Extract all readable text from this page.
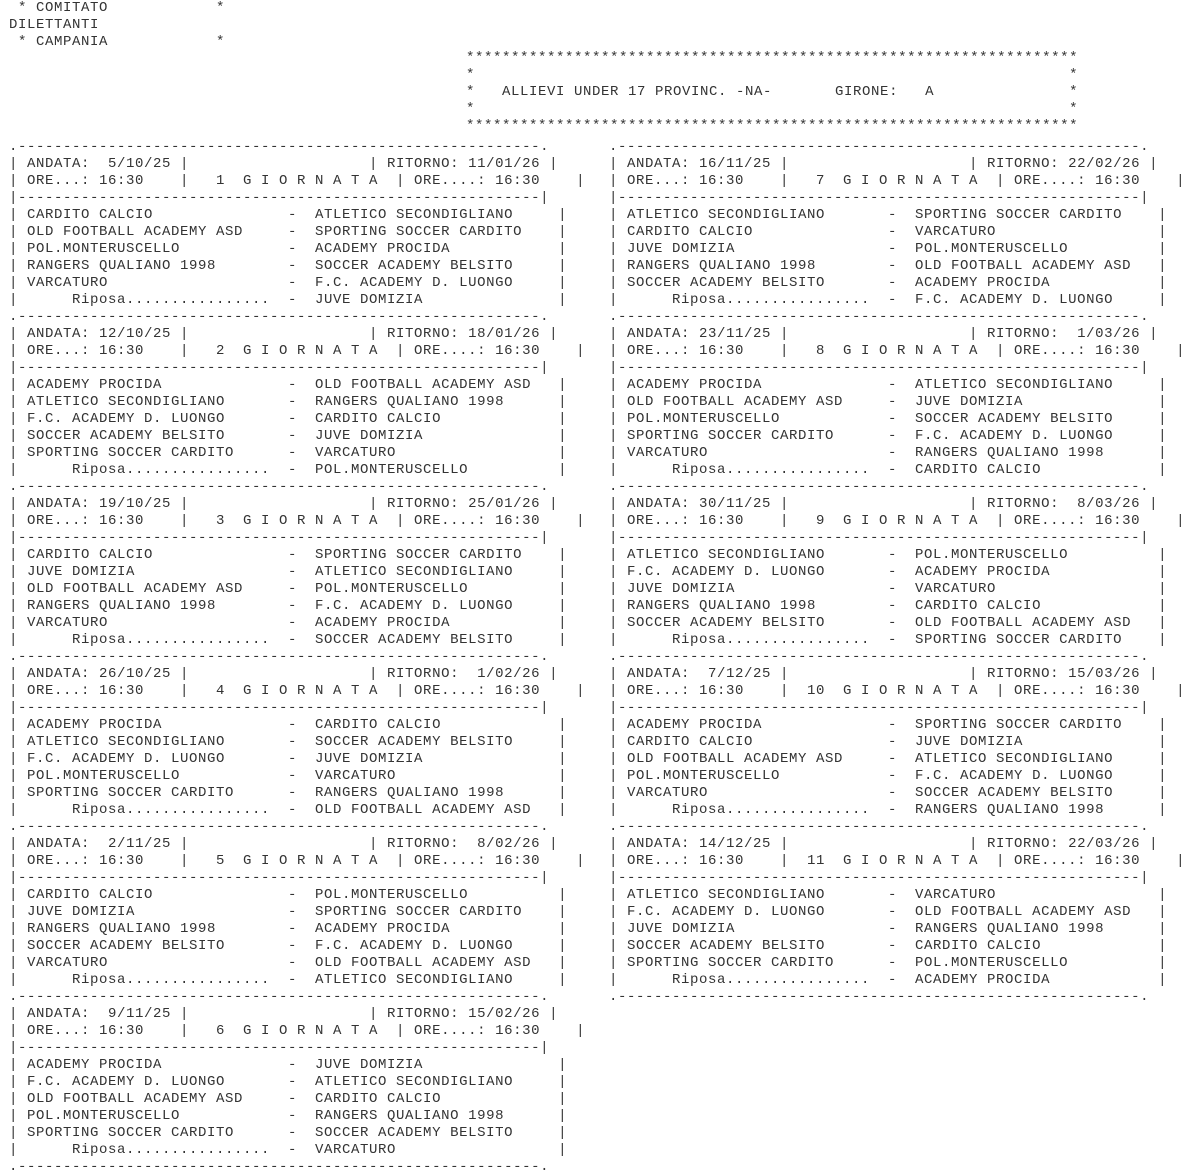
* COMITATO            *
DILETTANTI
* CAMPANIA            *
********************************************************************
*                                                                  *
*   ALLIEVI UNDER 17 PROVINC. -NA-       GIRONE:   A               *
*                                                                  *
********************************************************************
.----------------------------------------------------------.
| ANDATA:  5/10/25 |                    | RITORNO: 11/01/26 |
| ORE...: 16:30    |   1  G I O R N A T A  | ORE....: 16:30    |
|----------------------------------------------------------|
| CARDITO CALCIO               -  ATLETICO SECONDIGLIANO     |
| OLD FOOTBALL ACADEMY ASD     -  SPORTING SOCCER CARDITO    |
| POL.MONTERUSCELLO            -  ACADEMY PROCIDA            |
| RANGERS QUALIANO 1998        -  SOCCER ACADEMY BELSITO     |
| VARCATURO                    -  F.C. ACADEMY D. LUONGO     |
|      Riposa................  -  JUVE DOMIZIA               |
.----------------------------------------------------------.
| ANDATA: 12/10/25 |                    | RITORNO: 18/01/26 |
| ORE...: 16:30    |   2  G I O R N A T A  | ORE....: 16:30    |
|----------------------------------------------------------|
| ACADEMY PROCIDA              -  OLD FOOTBALL ACADEMY ASD   |
| ATLETICO SECONDIGLIANO       -  RANGERS QUALIANO 1998      |
| F.C. ACADEMY D. LUONGO       -  CARDITO CALCIO             |
| SOCCER ACADEMY BELSITO       -  JUVE DOMIZIA               |
| SPORTING SOCCER CARDITO      -  VARCATURO                  |
|      Riposa................  -  POL.MONTERUSCELLO          |
.----------------------------------------------------------.
| ANDATA: 19/10/25 |                    | RITORNO: 25/01/26 |
| ORE...: 16:30    |   3  G I O R N A T A  | ORE....: 16:30    |
|----------------------------------------------------------|
| CARDITO CALCIO               -  SPORTING SOCCER CARDITO    |
| JUVE DOMIZIA                 -  ATLETICO SECONDIGLIANO     |
| OLD FOOTBALL ACADEMY ASD     -  POL.MONTERUSCELLO          |
| RANGERS QUALIANO 1998        -  F.C. ACADEMY D. LUONGO     |
| VARCATURO                    -  ACADEMY PROCIDA            |
|      Riposa................  -  SOCCER ACADEMY BELSITO     |
.----------------------------------------------------------.
| ANDATA: 26/10/25 |                    | RITORNO:  1/02/26 |
| ORE...: 16:30    |   4  G I O R N A T A  | ORE....: 16:30    |
|----------------------------------------------------------|
| ACADEMY PROCIDA              -  CARDITO CALCIO             |
| ATLETICO SECONDIGLIANO       -  SOCCER ACADEMY BELSITO     |
| F.C. ACADEMY D. LUONGO       -  JUVE DOMIZIA               |
| POL.MONTERUSCELLO            -  VARCATURO                  |
| SPORTING SOCCER CARDITO      -  RANGERS QUALIANO 1998      |
|      Riposa................  -  OLD FOOTBALL ACADEMY ASD   |
.----------------------------------------------------------.
| ANDATA:  2/11/25 |                    | RITORNO:  8/02/26 |
| ORE...: 16:30    |   5  G I O R N A T A  | ORE....: 16:30    |
|----------------------------------------------------------|
| CARDITO CALCIO               -  POL.MONTERUSCELLO          |
| JUVE DOMIZIA                 -  SPORTING SOCCER CARDITO    |
| RANGERS QUALIANO 1998        -  ACADEMY PROCIDA            |
| SOCCER ACADEMY BELSITO       -  F.C. ACADEMY D. LUONGO     |
| VARCATURO                    -  OLD FOOTBALL ACADEMY ASD   |
|      Riposa................  -  ATLETICO SECONDIGLIANO     |
.----------------------------------------------------------.
| ANDATA:  9/11/25 |                    | RITORNO: 15/02/26 |
| ORE...: 16:30    |   6  G I O R N A T A  | ORE....: 16:30    |
|----------------------------------------------------------|
| ACADEMY PROCIDA              -  JUVE DOMIZIA               |
| F.C. ACADEMY D. LUONGO       -  ATLETICO SECONDIGLIANO     |
| OLD FOOTBALL ACADEMY ASD     -  CARDITO CALCIO             |
| POL.MONTERUSCELLO            -  RANGERS QUALIANO 1998      |
| SPORTING SOCCER CARDITO      -  SOCCER ACADEMY BELSITO     |
|      Riposa................  -  VARCATURO                  |
.----------------------------------------------------------.
.----------------------------------------------------------.
| ANDATA: 16/11/25 |                    | RITORNO: 22/02/26 |
| ORE...: 16:30    |   7  G I O R N A T A  | ORE....: 16:30    |
|----------------------------------------------------------|
| ATLETICO SECONDIGLIANO       -  SPORTING SOCCER CARDITO    |
| CARDITO CALCIO               -  VARCATURO                  |
| JUVE DOMIZIA                 -  POL.MONTERUSCELLO          |
| RANGERS QUALIANO 1998        -  OLD FOOTBALL ACADEMY ASD   |
| SOCCER ACADEMY BELSITO       -  ACADEMY PROCIDA            |
|      Riposa................  -  F.C. ACADEMY D. LUONGO     |
.----------------------------------------------------------.
| ANDATA: 23/11/25 |                    | RITORNO:  1/03/26 |
| ORE...: 16:30    |   8  G I O R N A T A  | ORE....: 16:30    |
|----------------------------------------------------------|
| ACADEMY PROCIDA              -  ATLETICO SECONDIGLIANO     |
| OLD FOOTBALL ACADEMY ASD     -  JUVE DOMIZIA               |
| POL.MONTERUSCELLO            -  SOCCER ACADEMY BELSITO     |
| SPORTING SOCCER CARDITO      -  F.C. ACADEMY D. LUONGO     |
| VARCATURO                    -  RANGERS QUALIANO 1998      |
|      Riposa................  -  CARDITO CALCIO             |
.----------------------------------------------------------.
| ANDATA: 30/11/25 |                    | RITORNO:  8/03/26 |
| ORE...: 16:30    |   9  G I O R N A T A  | ORE....: 16:30    |
|----------------------------------------------------------|
| ATLETICO SECONDIGLIANO       -  POL.MONTERUSCELLO          |
| F.C. ACADEMY D. LUONGO       -  ACADEMY PROCIDA            |
| JUVE DOMIZIA                 -  VARCATURO                  |
| RANGERS QUALIANO 1998        -  CARDITO CALCIO             |
| SOCCER ACADEMY BELSITO       -  OLD FOOTBALL ACADEMY ASD   |
|      Riposa................  -  SPORTING SOCCER CARDITO    |
.----------------------------------------------------------.
| ANDATA:  7/12/25 |                    | RITORNO: 15/03/26 |
| ORE...: 16:30    |  10  G I O R N A T A  | ORE....: 16:30    |
|----------------------------------------------------------|
| ACADEMY PROCIDA              -  SPORTING SOCCER CARDITO    |
| CARDITO CALCIO               -  JUVE DOMIZIA               |
| OLD FOOTBALL ACADEMY ASD     -  ATLETICO SECONDIGLIANO     |
| POL.MONTERUSCELLO            -  F.C. ACADEMY D. LUONGO     |
| VARCATURO                    -  SOCCER ACADEMY BELSITO     |
|      Riposa................  -  RANGERS QUALIANO 1998      |
.----------------------------------------------------------.
| ANDATA: 14/12/25 |                    | RITORNO: 22/03/26 |
| ORE...: 16:30    |  11  G I O R N A T A  | ORE....: 16:30    |
|----------------------------------------------------------|
| ATLETICO SECONDIGLIANO       -  VARCATURO                  |
| F.C. ACADEMY D. LUONGO       -  OLD FOOTBALL ACADEMY ASD   |
| JUVE DOMIZIA                 -  RANGERS QUALIANO 1998      |
| SOCCER ACADEMY BELSITO       -  CARDITO CALCIO             |
| SPORTING SOCCER CARDITO      -  POL.MONTERUSCELLO          |
|      Riposa................  -  ACADEMY PROCIDA            |
.----------------------------------------------------------.
